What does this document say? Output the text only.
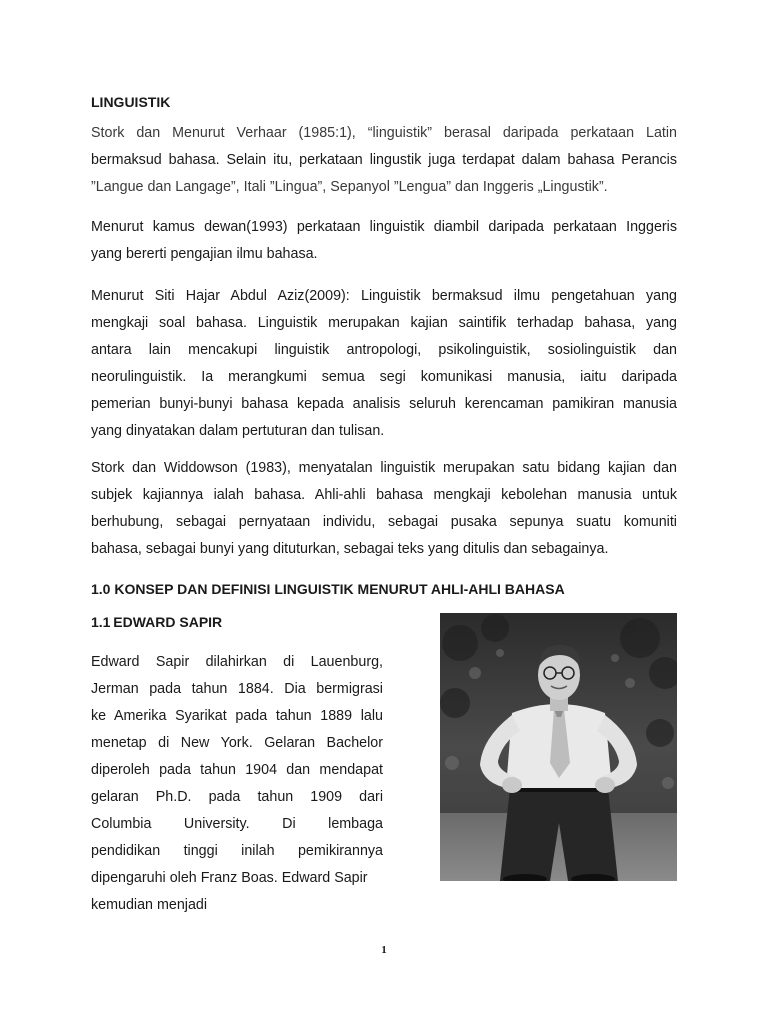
LINGUISTIK

Stork dan Menurut Verhaar (1985:1), “linguistik” berasal daripada perkataan Latin
bermaksud bahasa. Selain itu, perkataan lingustik juga terdapat dalam bahasa Perancis
”Langue dan Langage”, Itali ”Lingua”, Sepanyol ”Lengua” dan Inggeris „Lingustik”.

Menurut kamus dewan(1993) perkataan linguistik diambil daripada perkataan Inggeris
yang bererti pengajian ilmu bahasa.

Menurut Siti Hajar Abdul Aziz(2009): Linguistik bermaksud ilmu pengetahuan yang
mengkaji soal bahasa. Linguistik merupakan kajian saintifik terhadap bahasa, yang
antara lain mencakupi linguistik antropologi, psikolinguistik, sosiolinguistik dan
neorulinguistik. Ia merangkumi semua segi komunikasi manusia, iaitu daripada
pemerian bunyi-bunyi bahasa kepada analisis seluruh kerencaman pamikiran manusia
yang dinyatakan dalam pertuturan dan tulisan.

Stork dan Widdowson (1983), menyatalan linguistik merupakan satu bidang kajian dan
subjek kajiannya ialah bahasa. Ahli-ahli bahasa mengkaji kebolehan manusia untuk
berhubung, sebagai pernyataan individu, sebagai pusaka sepunya suatu komuniti
bahasa, sebagai bunyi yang dituturkan, sebagai teks yang ditulis dan sebagainya.

1.0 KONSEP DAN DEFINISI LINGUISTIK MENURUT AHLI-AHLI BAHASA
1.1 EDWARD SAPIR

Edward Sapir dilahirkan di Lauenburg,
Jerman pada tahun 1884. Dia bermigrasi
ke Amerika Syarikat pada tahun 1889 lalu
menetap di New York. Gelaran Bachelor
diperoleh pada tahun 1904 dan mendapat
gelaran Ph.D. pada tahun 1909 dari
Columbia University. Di lembaga
pendidikan tinggi inilah pemikirannya
dipengaruhi oleh Franz Boas. Edward Sapir
kemudian menjadi

1
